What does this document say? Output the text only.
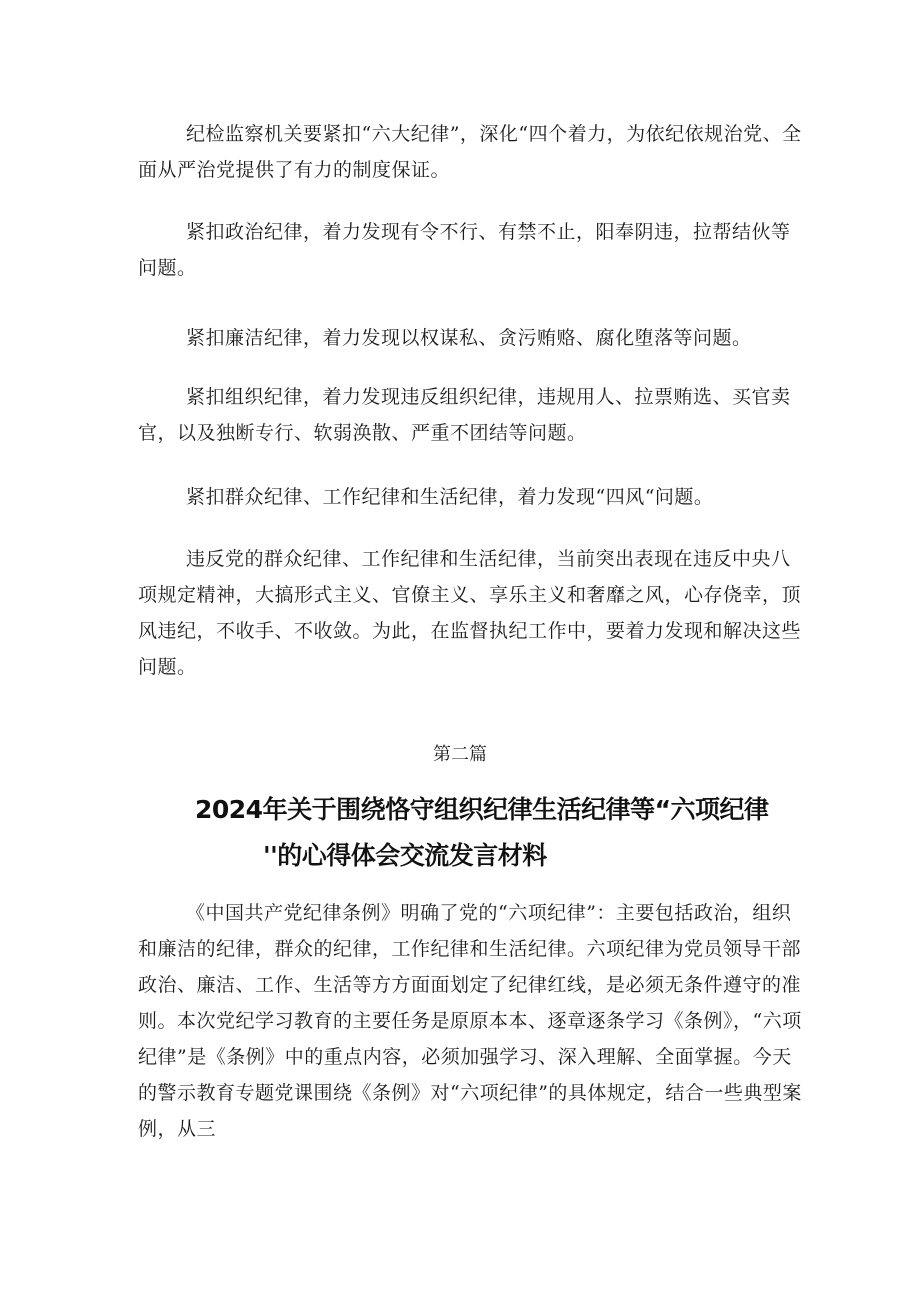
纪检监察机关要紧扣“六大纪律”，深化“四个着力，为依纪依规治党、全面从严治党提供了有力的制度保证。

紧扣政治纪律，着力发现有令不行、有禁不止，阳奉阴违，拉帮结伙等问题。

紧扣廉洁纪律，着力发现以权谋私、贪污贿赂、腐化堕落等问题。

紧扣组织纪律，着力发现违反组织纪律，违规用人、拉票贿选、买官卖官，以及独断专行、软弱涣散、严重不团结等问题。

紧扣群众纪律、工作纪律和生活纪律，着力发现“四风“问题。

违反党的群众纪律、工作纪律和生活纪律，当前突出表现在违反中央八项规定精神，大搞形式主义、官僚主义、享乐主义和奢靡之风，心存侥幸，顶风违纪，不收手、不收敛。为此，在监督执纪工作中，要着力发现和解决这些问题。

第二篇

2024年关于围绕恪守组织纪律生活纪律等“六项纪律
''的心得体会交流发言材料

《中国共产党纪律条例》明确了党的“六项纪律”：主要包括政治，组织和廉洁的纪律，群众的纪律，工作纪律和生活纪律。六项纪律为党员领导干部政治、廉洁、工作、生活等方方面面划定了纪律红线，是必须无条件遵守的准则。本次党纪学习教育的主要任务是原原本本、逐章逐条学习《条例》，“六项纪律”是《条例》中的重点内容，必须加强学习、深入理解、全面掌握。今天的警示教育专题党课围绕《条例》对“六项纪律”的具体规定，结合一些典型案例，从三
